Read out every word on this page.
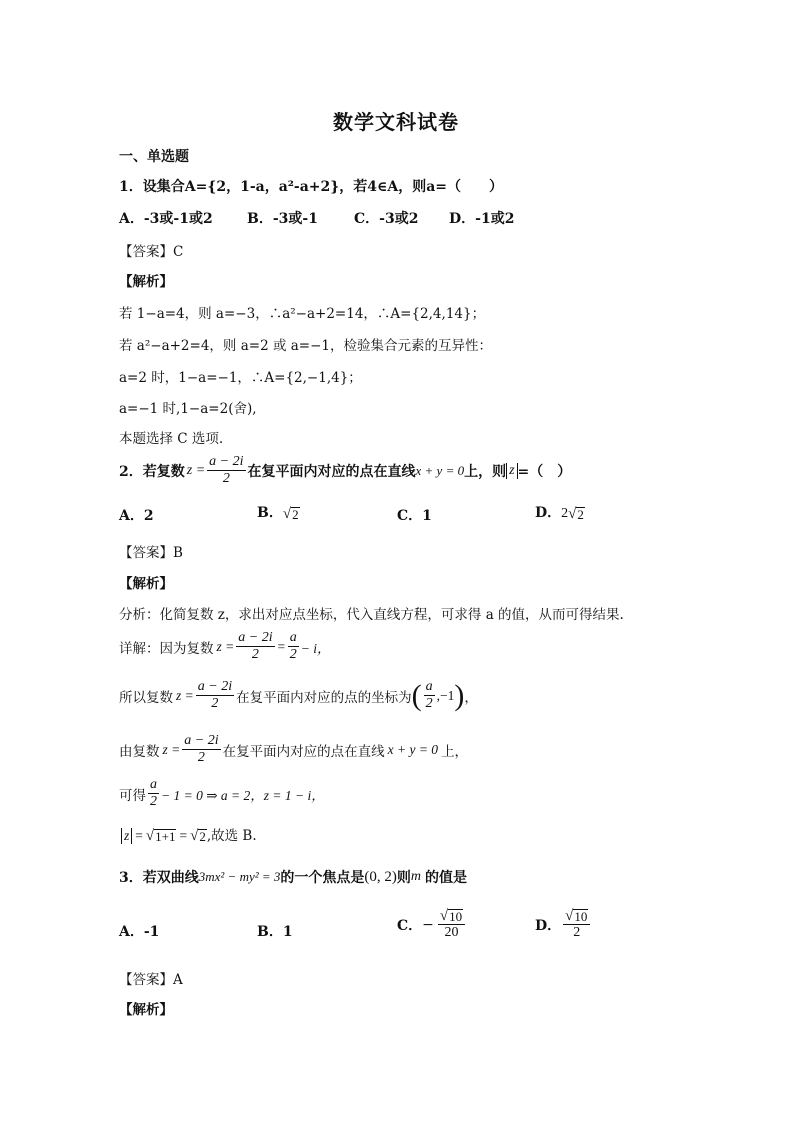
数学文科试卷
一、单选题
1．设集合A={2，1-a，a²-a+2}，若4∈A，则a=（　　）
A．-3或-1或2 B．-3或-1	C．-3或2 D．-1或2
【答案】C
【解析】
若 1−a=4，则 a=−3，∴a²−a+2=14，∴A={2,4,14}；
若 a²−a+2=4，则 a=2 或 a=−1，检验集合元素的互异性：
a=2 时，1−a=−1，∴A={2,−1,4}；
a=−1 时,1−a=2(舍),
本题选择 C 选项.
2．若复数 $z = \frac{a - 2i}{2}$ 在复平面内对应的点在直线 x + y = 0 上，则 z =（　）
A．2	B． √ 2	C．1	D． 2 √ 2
【答案】B
【解析】
分析：化简复数 z，求出对应点坐标，代入直线方程，可求得 a 的值，从而可得结果.
详解：因为复数 $z = \frac{a - 2i}{2} = \frac{a}{2} - i$，
所以复数 $z = \frac{a - 2i}{2}$ 在复平面内对应的点的坐标为 ( $\frac{a}{2} ,-1$ ) ，
由复数 $z = \frac{a - 2i}{2}$ 在复平面内对应的点在直线 x + y = 0 上，
可得 $\frac{a}{2} - 1 = 0$ ⇒ a = 2，z = 1 − i，
z = √ 1+1 = √ 2 ,故选 B.
3．若双曲线 3mx² − my² = 3 的一个焦点是 (0, 2) 则 m 的值是
A．-1	B．1	C． − $\frac{√ 10}{20}$	D． $\frac{√ 10}{2}$
【答案】A
【解析】
